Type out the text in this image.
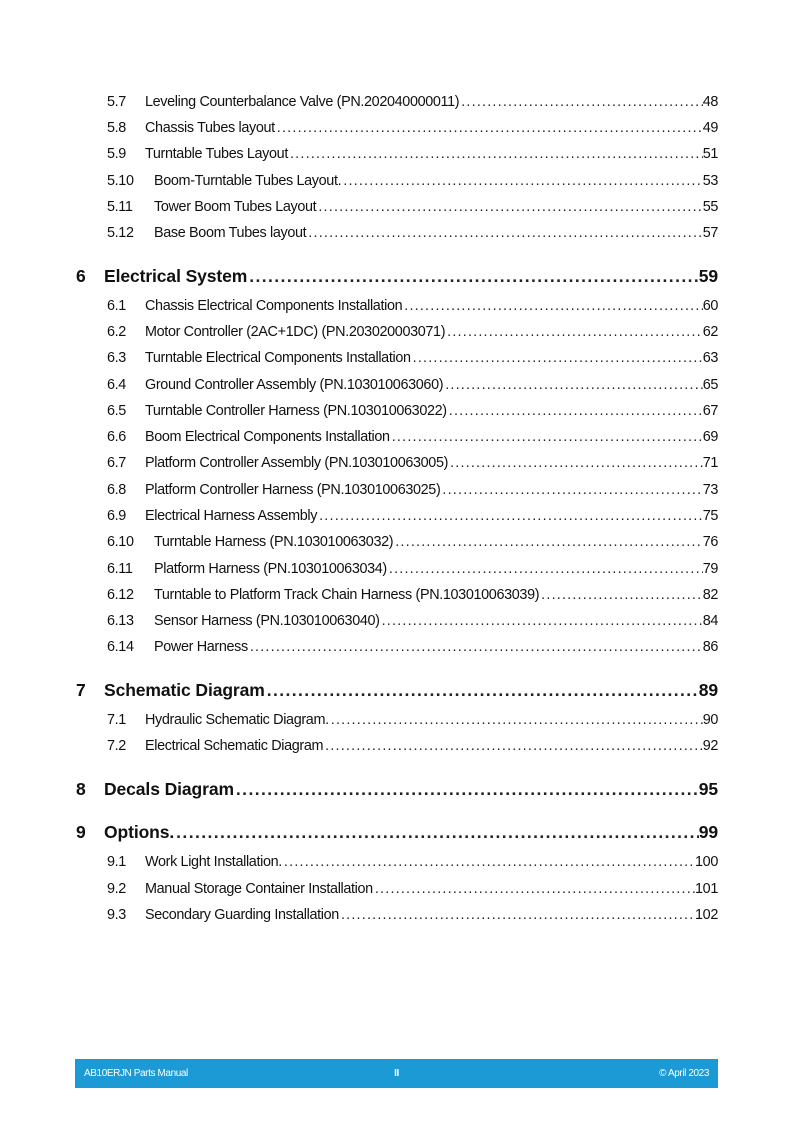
5.7	Leveling Counterbalance Valve (PN.202040000011) .....	48
5.8	Chassis Tubes layout .....	49
5.9	Turntable Tubes Layout .....	51
5.10	Boom-Turntable Tubes Layout. .....	53
5.11	Tower Boom Tubes Layout .....	55
5.12	Base Boom Tubes layout .....	57
6	Electrical System .....	59
6.1	Chassis Electrical Components Installation .....	60
6.2	Motor Controller (2AC+1DC) (PN.203020003071) .....	62
6.3	Turntable Electrical Components Installation .....	63
6.4	Ground Controller Assembly (PN.103010063060) .....	65
6.5	Turntable Controller Harness (PN.103010063022) .....	67
6.6	Boom Electrical Components Installation .....	69
6.7	Platform Controller Assembly (PN.103010063005) .....	71
6.8	Platform Controller Harness (PN.103010063025) .....	73
6.9	Electrical Harness Assembly .....	75
6.10	Turntable Harness (PN.103010063032) .....	76
6.11	Platform Harness (PN.103010063034) .....	79
6.12	Turntable to Platform Track Chain Harness (PN.103010063039) .....	82
6.13	Sensor Harness (PN.103010063040) .....	84
6.14	Power Harness .....	86
7	Schematic Diagram .....	89
7.1	Hydraulic Schematic Diagram. .....	90
7.2	Electrical Schematic Diagram .....	92
8	Decals Diagram .....	95
9	Options. .....	99
9.1	Work Light Installation. .....	100
9.2	Manual Storage Container Installation .....	101
9.3	Secondary Guarding Installation .....	102
AB10ERJN Parts Manual	II	© April 2023
